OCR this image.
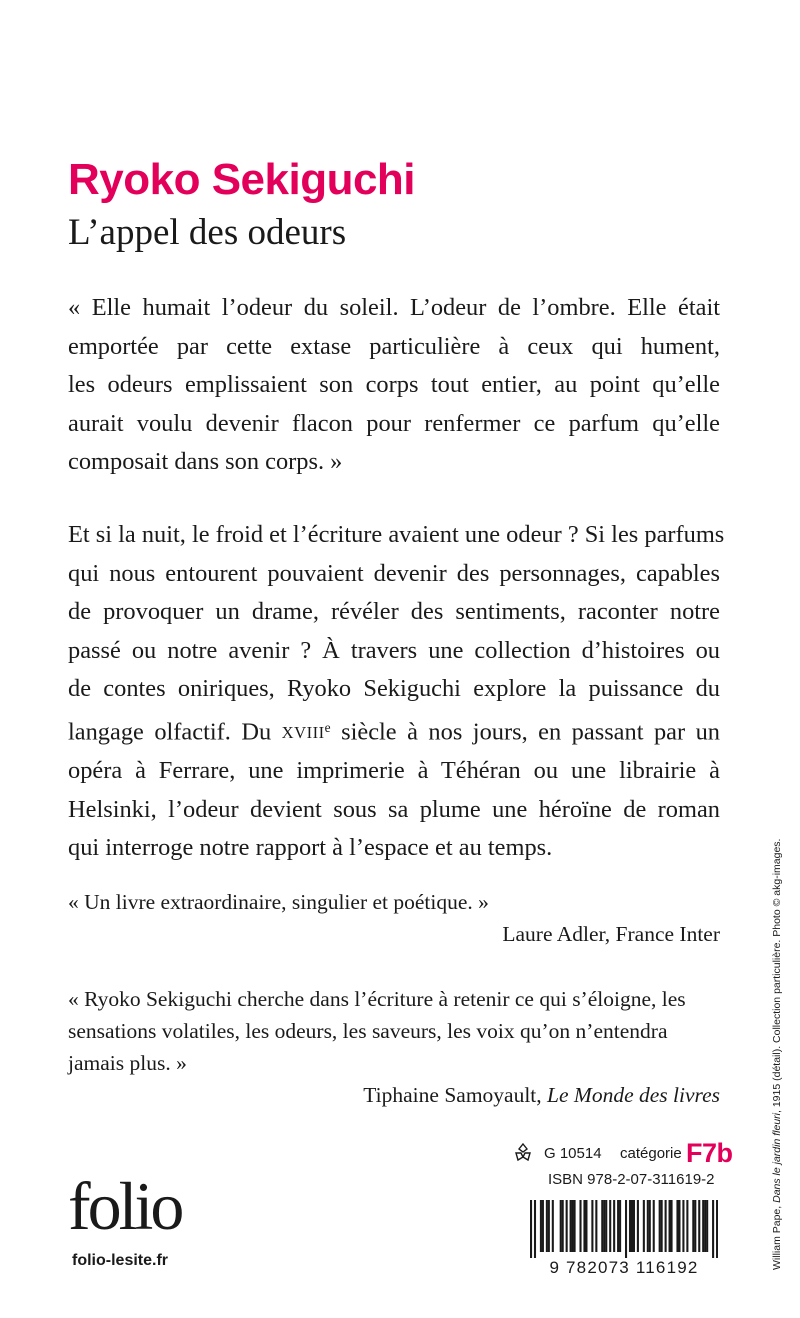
Ryoko Sekiguchi
L’appel des odeurs
« Elle humait l’odeur du soleil. L’odeur de l’ombre. Elle était
emportée par cette extase particulière à ceux qui hument,
les odeurs emplissaient son corps tout entier, au point qu’elle
aurait voulu devenir flacon pour renfermer ce parfum qu’elle
composait dans son corps. »
Et si la nuit, le froid et l’écriture avaient une odeur ? Si les parfums
qui nous entourent pouvaient devenir des personnages, capables
de provoquer un drame, révéler des sentiments, raconter notre
passé ou notre avenir ? À travers une collection d’histoires ou
de contes oniriques, Ryoko Sekiguchi explore la puissance du
langage olfactif. Du XVIIIe siècle à nos jours, en passant par un
opéra à Ferrare, une imprimerie à Téhéran ou une librairie à
Helsinki, l’odeur devient sous sa plume une héroïne de roman
qui interroge notre rapport à l’espace et au temps.
« Un livre extraordinaire, singulier et poétique. »
Laure Adler, France Inter
« Ryoko Sekiguchi cherche dans l’écriture à retenir ce qui s’éloigne, les
sensations volatiles, les odeurs, les saveurs, les voix qu’on n’entendra
jamais plus. »
Tiphaine Samoyault, Le Monde des livres
William Pape, Dans le jardin fleuri, 1915 (détail). Collection particulière. Photo © akg-images.
G 10514 catégorie F7b
ISBN 978-2-07-311619-2
9 782073 116192
folio
folio-lesite.fr
